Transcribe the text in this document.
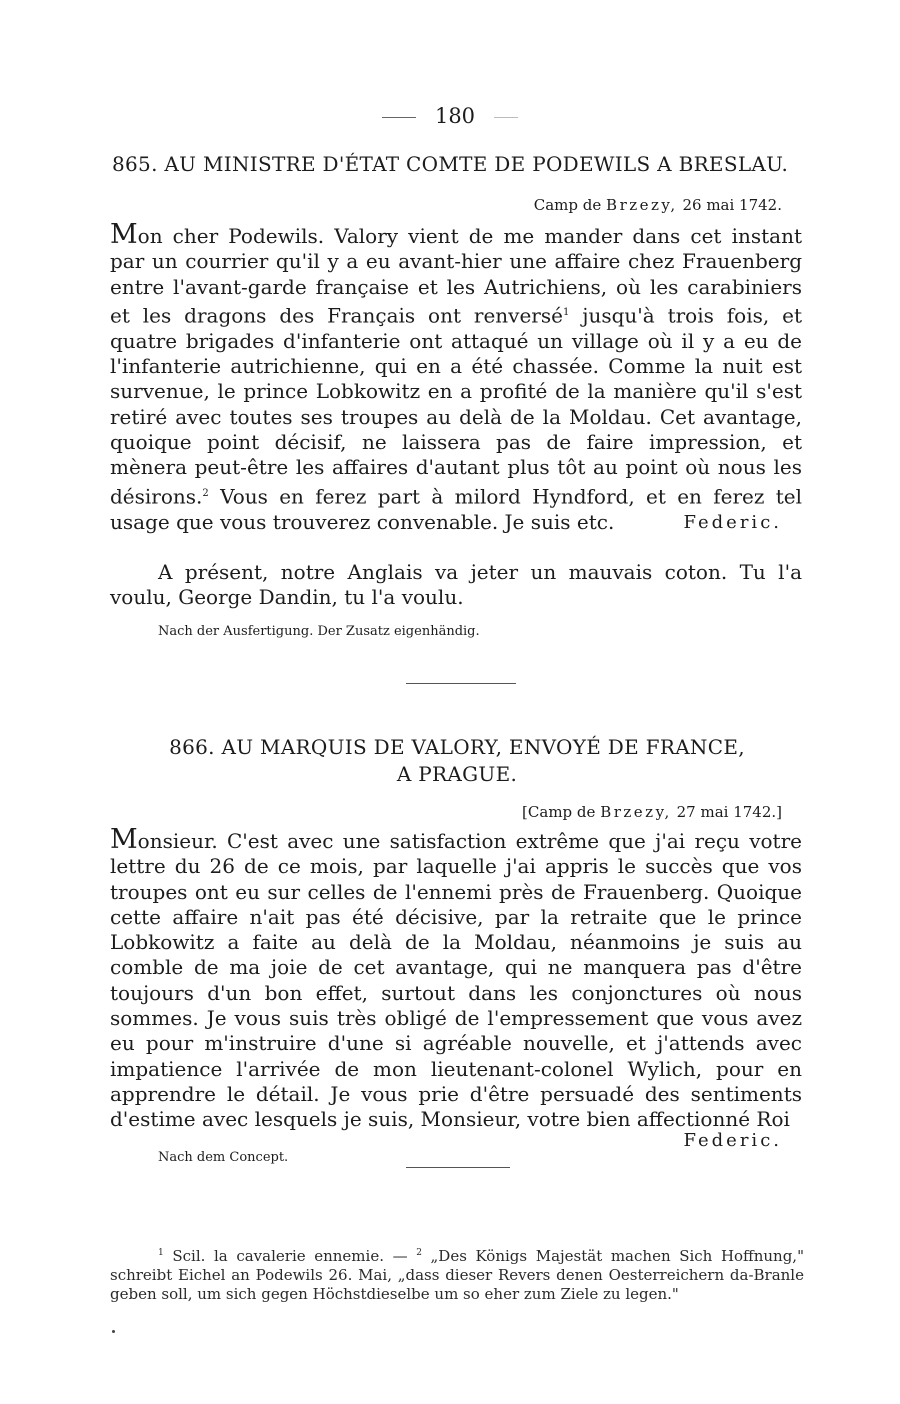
180
865. AU MINISTRE D'ÉTAT COMTE DE PODEWILS A BRESLAU.
Camp de Brzezy, 26 mai 1742.
Mon cher Podewils. Valory vient de me mander dans cet instant par un courrier qu'il y a eu avant-hier une affaire chez Frauenberg entre l'avant-garde française et les Autrichiens, où les carabiniers et les dragons des Français ont renversé$^1$ jusqu'à trois fois, et quatre brigades d'infanterie ont attaqué un village où il y a eu de l'infanterie autrichienne, qui en a été chassée. Comme la nuit est survenue, le prince Lobkowitz en a profité de la manière qu'il s'est retiré avec toutes ses troupes au delà de la Moldau. Cet avantage, quoique point décisif, ne laissera pas de faire impression, et mènera peut-être les affaires d'autant plus tôt au point où nous les désirons.$^2$ Vous en ferez part à milord Hyndford, et en ferez tel usage que vous trouverez convenable. Je suis etc.	Federic.
A présent, notre Anglais va jeter un mauvais coton. Tu l'a voulu, George Dandin, tu l'a voulu.
Nach der Ausfertigung. Der Zusatz eigenhändig.
866. AU MARQUIS DE VALORY, ENVOYÉ DE FRANCE,
A PRAGUE.
[Camp de Brzezy, 27 mai 1742.]
Monsieur. C'est avec une satisfaction extrême que j'ai reçu votre lettre du 26 de ce mois, par laquelle j'ai appris le succès que vos troupes ont eu sur celles de l'ennemi près de Frauenberg. Quoique cette affaire n'ait pas été décisive, par la retraite que le prince Lobkowitz a faite au delà de la Moldau, néanmoins je suis au comble de ma joie de cet avantage, qui ne manquera pas d'être toujours d'un bon effet, surtout dans les conjonctures où nous sommes. Je vous suis très obligé de l'empressement que vous avez eu pour m'instruire d'une si agréable nouvelle, et j'attends avec impatience l'arrivée de mon lieutenant-colonel Wylich, pour en apprendre le détail. Je vous prie d'être persuadé des sentiments d'estime avec lesquels je suis, Monsieur, votre bien affectionné Roi
Federic.
Nach dem Concept.
$^1$ Scil. la cavalerie ennemie. — $^2$ „Des Königs Majestät machen Sich Hoffnung," schreibt Eichel an Podewils 26. Mai, „dass dieser Revers denen Oesterreichern da-Branle geben soll, um sich gegen Höchstdieselbe um so eher zum Ziele zu legen."
